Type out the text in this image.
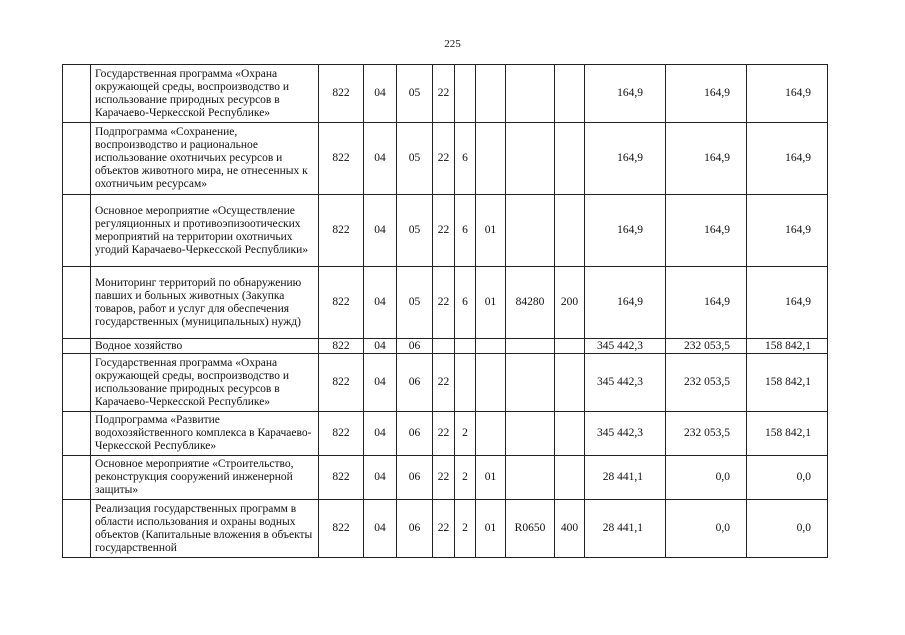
225
	Государственная программа «Охрана окружающей среды, воспроизводство и использование природных ресурсов в Карачаево-Черкесской Республике»	822	04	05	22					164,9	164,9	164,9
	Подпрограмма «Сохранение, воспроизводство и рациональное использование охотничьих ресурсов и объектов животного мира, не отнесенных к охотничьим ресурсам»	822	04	05	22	6				164,9	164,9	164,9
	Основное мероприятие «Осуществление регуляционных и противоэпизоотических мероприятий на территории охотничьих угодий Карачаево-Черкесской Республики»	822	04	05	22	6	01			164,9	164,9	164,9
	Мониторинг территорий по обнаружению павших и больных животных (Закупка товаров, работ и услуг для обеспечения государственных (муниципальных) нужд)	822	04	05	22	6	01	84280	200	164,9	164,9	164,9
	Водное хозяйство	822	04	06						345 442,3	232 053,5	158 842,1
	Государственная программа «Охрана окружающей среды, воспроизводство и использование природных ресурсов в Карачаево-Черкесской Республике»	822	04	06	22					345 442,3	232 053,5	158 842,1
	Подпрограмма «Развитие водохозяйственного комплекса в Карачаево-Черкесской Республике»	822	04	06	22	2				345 442,3	232 053,5	158 842,1
	Основное мероприятие «Строительство, реконструкция сооружений инженерной защиты»	822	04	06	22	2	01			28 441,1	0,0	0,0
	Реализация государственных программ в области использования и охраны водных объектов (Капитальные вложения в объекты государственной	822	04	06	22	2	01	R0650	400	28 441,1	0,0	0,0
